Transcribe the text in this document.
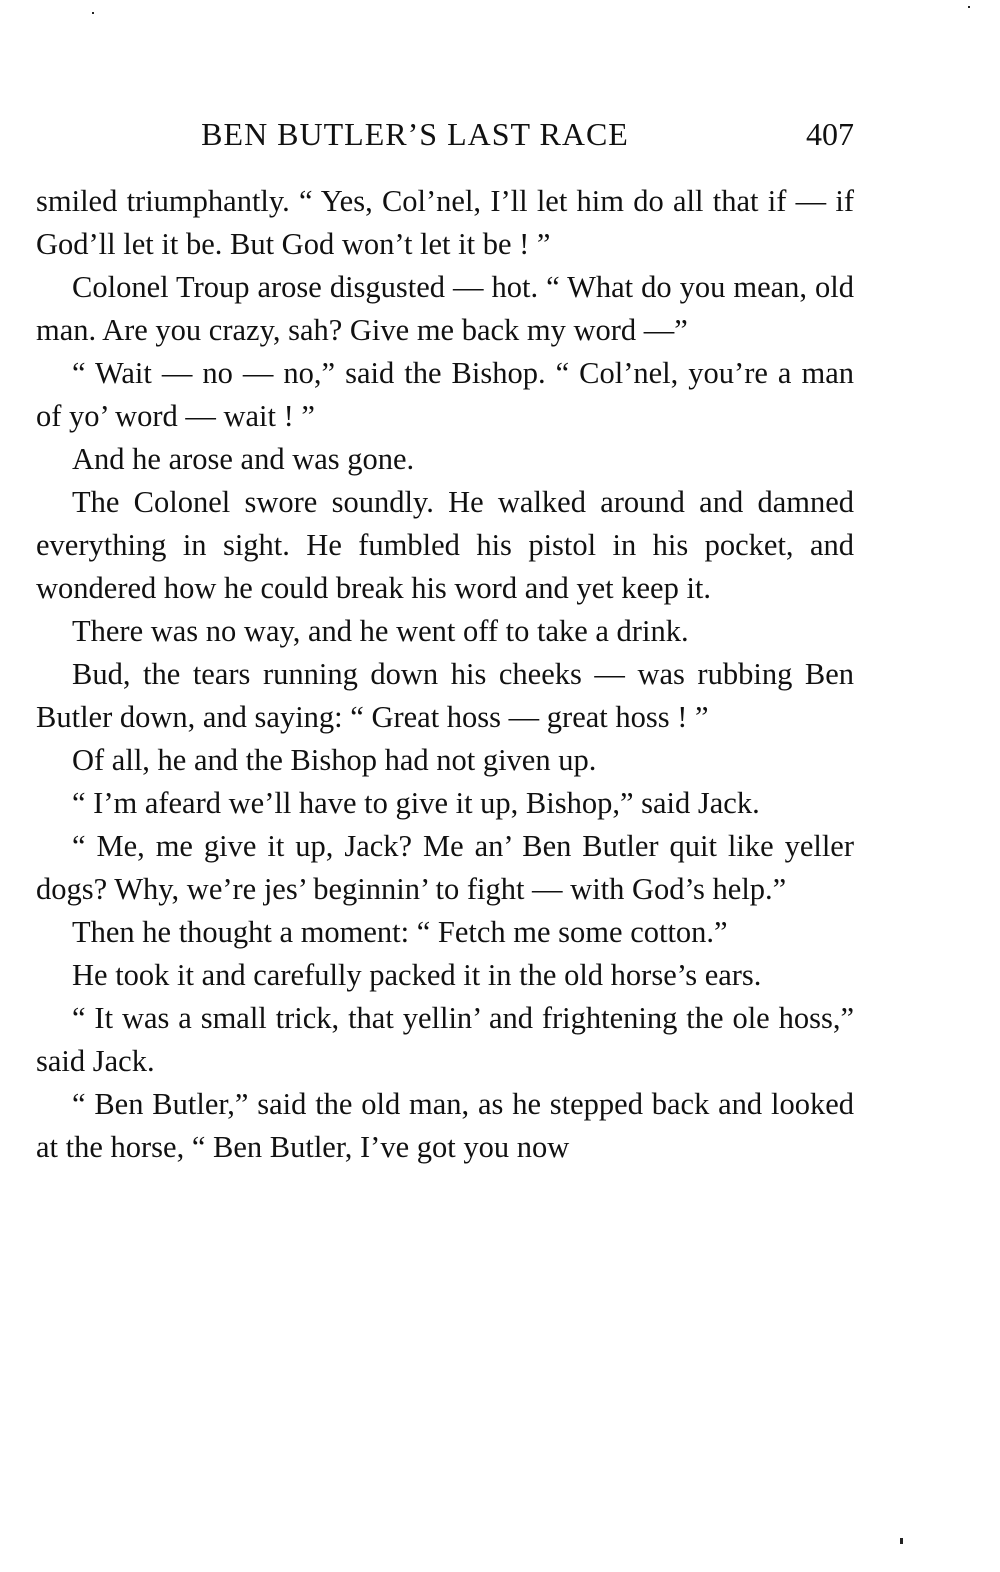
BEN BUTLER’S LAST RACE	407

smiled triumphantly. “ Yes, Col’nel, I’ll let him do all that if — if God’ll let it be. But God won’t let it be ! ”

Colonel Troup arose disgusted — hot. “ What do you mean, old man. Are you crazy, sah? Give me back my word —”

“ Wait — no — no,” said the Bishop. “ Col’nel, you’re a man of yo’ word — wait ! ”

And he arose and was gone.

The Colonel swore soundly. He walked around and damned everything in sight. He fumbled his pistol in his pocket, and wondered how he could break his word and yet keep it.

There was no way, and he went off to take a drink.

Bud, the tears running down his cheeks — was rubbing Ben Butler down, and saying: “ Great hoss — great hoss ! ”

Of all, he and the Bishop had not given up.

“ I’m afeard we’ll have to give it up, Bishop,” said Jack.

“ Me, me give it up, Jack? Me an’ Ben Butler quit like yeller dogs? Why, we’re jes’ beginnin’ to fight — with God’s help.”

Then he thought a moment: “ Fetch me some cotton.”

He took it and carefully packed it in the old horse’s ears.

“ It was a small trick, that yellin’ and frightening the ole hoss,” said Jack.

“ Ben Butler,” said the old man, as he stepped back and looked at the horse, “ Ben Butler, I’ve got you now
